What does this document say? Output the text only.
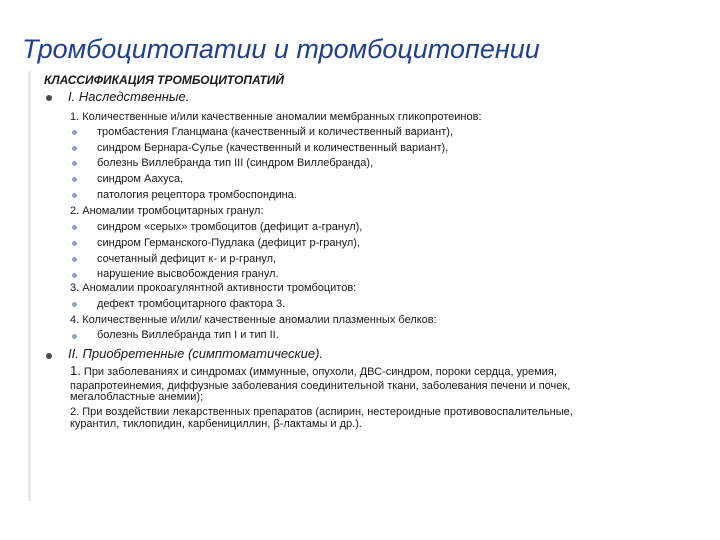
Тромбоцитопатии и тромбоцитопении
КЛАССИФИКАЦИЯ ТРОМБОЦИТОПАТИЙ
I. Наследственные.
1. Количественные и/или качественные аномалии мембранных гликопротеинов:
тромбастения Гланцмана (качественный и количественный вариант),
синдром Бернара-Сулье (качественный и количественный вариант),
болезнь Виллебранда тип III (синдром Виллебранда),
синдром Аахуса,
патология рецептора тромбоспондина.
2. Аномалии тромбоцитарных гранул:
синдром «серых» тромбоцитов (дефицит а-гранул),
синдром Германского-Пудлака (дефицит р-гранул),
сочетанный дефицит к- и р-гранул,
нарушение высвобождения гранул.
3. Аномалии прокоагулянтной активности тромбоцитов:
дефект тромбоцитарного фактора 3.
4. Количественные и/или/ качественные аномалии плазменных белков:
болезнь Виллебранда тип I и тип II.
II. Приобретенные (симптоматические).
1. При заболеваниях и синдромах (иммунные, опухоли, ДВС-синдром, пороки сердца, уремия,
парапротеинемия, диффузные заболевания соединительной ткани, заболевания печени и почек,
мегалобластные анемии);
2. При воздействии лекарственных препаратов (аспирин, нестероидные противовоспалительные,
курантил, тиклопидин, карбенициллин, β-лактамы и др.).
